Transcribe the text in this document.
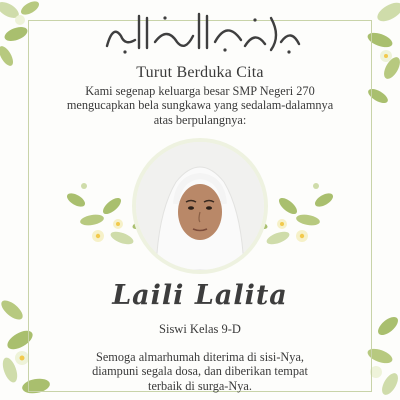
Turut Berduka Cita
Kami segenap keluarga besar SMP Negeri 270
mengucapkan bela sungkawa yang sedalam-dalamnya
atas berpulangnya:
Laili Lalita
Siswi Kelas 9-D
Semoga almarhumah diterima di sisi-Nya,
diampuni segala dosa, dan diberikan tempat
terbaik di surga-Nya.
